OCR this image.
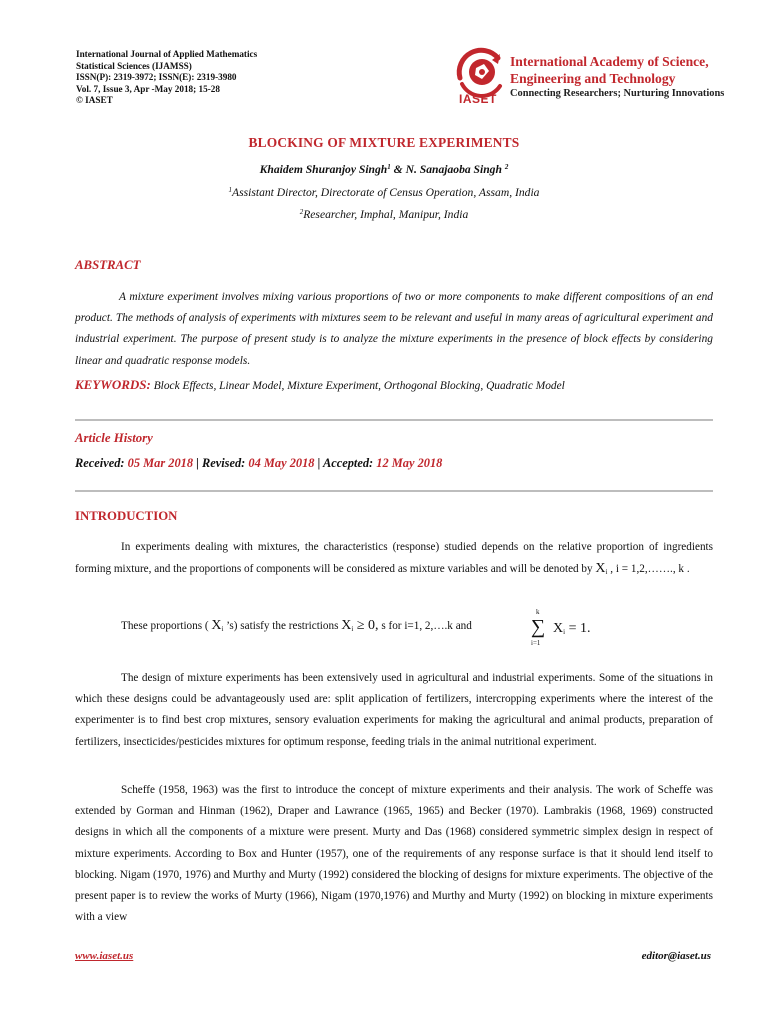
International Journal of Applied Mathematics
Statistical Sciences (IJAMSS)
ISSN(P): 2319-3972; ISSN(E): 2319-3980
Vol. 7, Issue 3, Apr -May 2018; 15-28
© IASET	IASET
International Academy of Science,
Engineering and Technology
Connecting Researchers; Nurturing Innovations
BLOCKING OF MIXTURE EXPERIMENTS
Khaidem Shuranjoy Singh$^1$ & N. Sanajaoba Singh $^2$
$^1$Assistant Director, Directorate of Census Operation, Assam, India
$^2$Researcher, Imphal, Manipur, India
ABSTRACT
A mixture experiment involves mixing various proportions of two or more components to make different compositions of an end product. The methods of analysis of experiments with mixtures seem to be relevant and useful in many areas of agricultural experiment and industrial experiment. The purpose of present study is to analyze the mixture experiments in the presence of block effects by considering linear and quadratic response models.
KEYWORDS: Block Effects, Linear Model, Mixture Experiment, Orthogonal Blocking, Quadratic Model
Article History
Received: 05 Mar 2018 | Revised: 04 May 2018 | Accepted: 12 May 2018
INTRODUCTION
In experiments dealing with mixtures, the characteristics (response) studied depends on the relative proportion of ingredients forming mixture, and the proportions of components will be considered as mixture variables and will be denoted by Xi , i = 1,2,……., k .
These proportions ( Xi ’s) satisfy the restrictions Xi ≥ 0, s for i=1, 2,….k and
k
∑
i=1
Xi = 1.
The design of mixture experiments has been extensively used in agricultural and industrial experiments. Some of the situations in which these designs could be advantageously used are: split application of fertilizers, intercropping experiments where the interest of the experimenter is to find best crop mixtures, sensory evaluation experiments for making the agricultural and animal products, preparation of fertilizers, insecticides/pesticides mixtures for optimum response, feeding trials in the animal nutritional experiment.
Scheffe (1958, 1963) was the first to introduce the concept of mixture experiments and their analysis. The work of Scheffe was extended by Gorman and Hinman (1962), Draper and Lawrance (1965, 1965) and Becker (1970). Lambrakis (1968, 1969) constructed designs in which all the components of a mixture were present. Murty and Das (1968) considered symmetric simplex design in respect of mixture experiments. According to Box and Hunter (1957), one of the requirements of any response surface is that it should lend itself to blocking. Nigam (1970, 1976) and Murthy and Murty (1992) considered the blocking of designs for mixture experiments. The objective of the present paper is to review the works of Murty (1966), Nigam (1970,1976) and Murthy and Murty (1992) on blocking in mixture experiments with a view
www.iaset.us	editor@iaset.us
